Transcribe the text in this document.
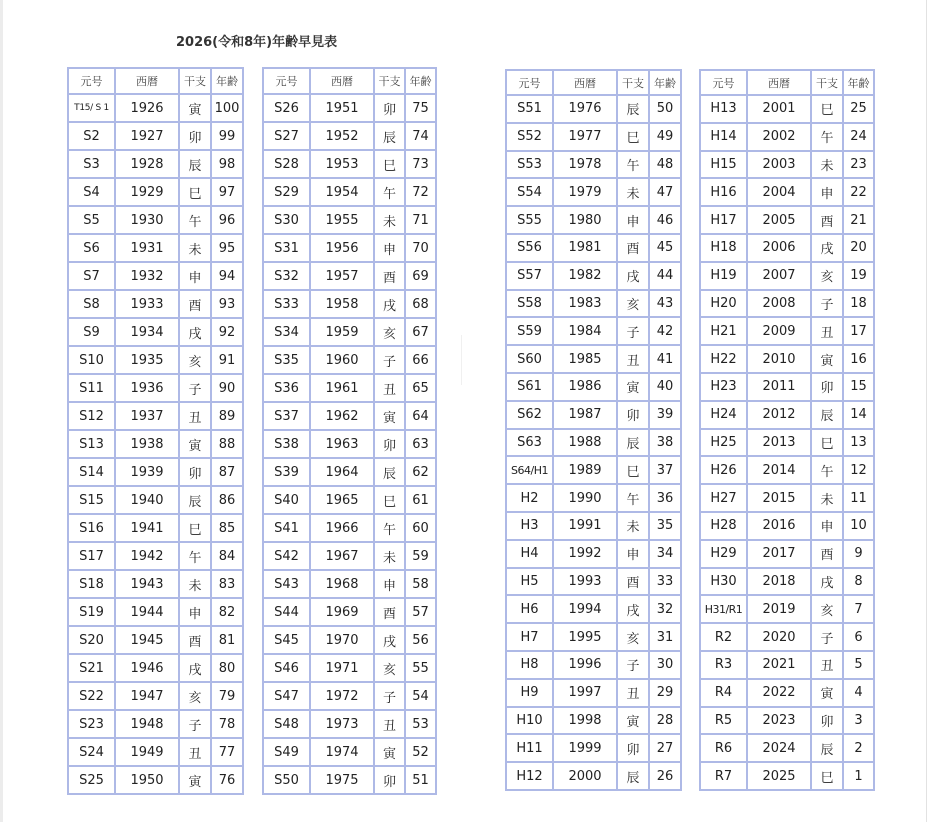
2026(令和8年)年齢早見表
元号	西暦	干支	年齢
T15/ S 1	1926	寅	100
S2	1927	卯	99
S3	1928	辰	98
S4	1929	巳	97
S5	1930	午	96
S6	1931	未	95
S7	1932	申	94
S8	1933	酉	93
S9	1934	戌	92
S10	1935	亥	91
S11	1936	子	90
S12	1937	丑	89
S13	1938	寅	88
S14	1939	卯	87
S15	1940	辰	86
S16	1941	巳	85
S17	1942	午	84
S18	1943	未	83
S19	1944	申	82
S20	1945	酉	81
S21	1946	戌	80
S22	1947	亥	79
S23	1948	子	78
S24	1949	丑	77
S25	1950	寅	76
元号	西暦	干支	年齢
S26	1951	卯	75
S27	1952	辰	74
S28	1953	巳	73
S29	1954	午	72
S30	1955	未	71
S31	1956	申	70
S32	1957	酉	69
S33	1958	戌	68
S34	1959	亥	67
S35	1960	子	66
S36	1961	丑	65
S37	1962	寅	64
S38	1963	卯	63
S39	1964	辰	62
S40	1965	巳	61
S41	1966	午	60
S42	1967	未	59
S43	1968	申	58
S44	1969	酉	57
S45	1970	戌	56
S46	1971	亥	55
S47	1972	子	54
S48	1973	丑	53
S49	1974	寅	52
S50	1975	卯	51
元号	西暦	干支	年齢
S51	1976	辰	50
S52	1977	巳	49
S53	1978	午	48
S54	1979	未	47
S55	1980	申	46
S56	1981	酉	45
S57	1982	戌	44
S58	1983	亥	43
S59	1984	子	42
S60	1985	丑	41
S61	1986	寅	40
S62	1987	卯	39
S63	1988	辰	38
S64/H1	1989	巳	37
H2	1990	午	36
H3	1991	未	35
H4	1992	申	34
H5	1993	酉	33
H6	1994	戌	32
H7	1995	亥	31
H8	1996	子	30
H9	1997	丑	29
H10	1998	寅	28
H11	1999	卯	27
H12	2000	辰	26
元号	西暦	干支	年齢
H13	2001	巳	25
H14	2002	午	24
H15	2003	未	23
H16	2004	申	22
H17	2005	酉	21
H18	2006	戌	20
H19	2007	亥	19
H20	2008	子	18
H21	2009	丑	17
H22	2010	寅	16
H23	2011	卯	15
H24	2012	辰	14
H25	2013	巳	13
H26	2014	午	12
H27	2015	未	11
H28	2016	申	10
H29	2017	酉	9
H30	2018	戌	8
H31/R1	2019	亥	7
R2	2020	子	6
R3	2021	丑	5
R4	2022	寅	4
R5	2023	卯	3
R6	2024	辰	2
R7	2025	巳	1
